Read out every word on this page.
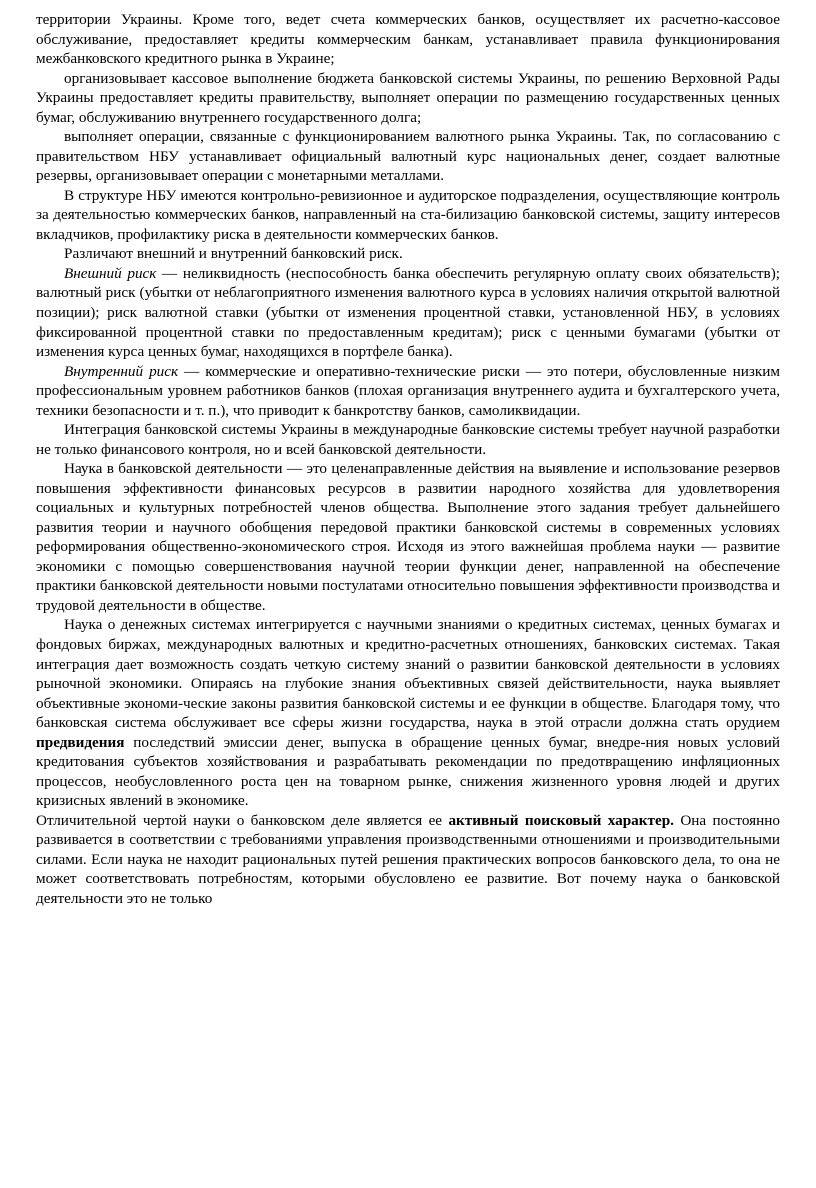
территории Украины. Кроме того, ведет счета коммерческих банков, осуществляет их расчетно-кассовое обслуживание, предоставляет кредиты коммерческим банкам, устанавливает правила функционирования межбанковского кредитного рынка в Украине;

организовывает кассовое выполнение бюджета банковской системы Украины, по решению Верховной Рады Украины предоставляет кредиты правительству, выполняет операции по размещению государственных ценных бумаг, обслуживанию внутреннего государственного долга;

выполняет операции, связанные с функционированием валютного рынка Украины. Так, по согласованию с правительством НБУ устанавливает официальный валютный курс национальных денег, создает валютные резервы, организовывает операции с монетарными металлами.

В структуре НБУ имеются контрольно-ревизионное и аудиторское подразделения, осуществляющие контроль за деятельностью коммерческих банков, направленный на ста-билизацию банковской системы, защиту интересов вкладчиков, профилактику риска в деятельности коммерческих банков.

Различают внешний и внутренний банковский риск.

Внешний риск — неликвидность (неспособность банка обеспечить регулярную оплату своих обязательств); валютный риск (убытки от неблагоприятного изменения валютного курса в условиях наличия открытой валютной позиции); риск валютной ставки (убытки от изменения процентной ставки, установленной НБУ, в условиях фиксированной процентной ставки по предоставленным кредитам); риск с ценными бумагами (убытки от изменения курса ценных бумаг, находящихся в портфеле банка).

Внутренний риск — коммерческие и оперативно-технические риски — это потери, обусловленные низким профессиональным уровнем работников банков (плохая организация внутреннего аудита и бухгалтерского учета, техники безопасности и т. п.), что приводит к банкротству банков, самоликвидации.

Интеграция банковской системы Украины в международные банковские системы требует научной разработки не только финансового контроля, но и всей банковской деятельности.

Наука в банковской деятельности — это целенаправленные действия на выявление и использование резервов повышения эффективности финансовых ресурсов в развитии народного хозяйства для удовлетворения социальных и культурных потребностей членов общества. Выполнение этого задания требует дальнейшего развития теории и научного обобщения передовой практики банковской системы в современных условиях реформирования общественно-экономического строя. Исходя из этого важнейшая проблема науки — развитие экономики с помощью совершенствования научной теории функции денег, направленной на обеспечение практики банковской деятельности новыми постулатами относительно повышения эффективности производства и трудовой деятельности в обществе.

Наука о денежных системах интегрируется с научными знаниями о кредитных системах, ценных бумагах и фондовых биржах, международных валютных и кредитно-расчетных отношениях, банковских системах. Такая интеграция дает возможность создать четкую систему знаний о развитии банковской деятельности в условиях рыночной экономики. Опираясь на глубокие знания объективных связей действительности, наука выявляет объективные экономи-ческие законы развития банковской системы и ее функции в обществе. Благодаря тому, что банковская система обслуживает все сферы жизни государства, наука в этой отрасли должна стать орудием предвидения последствий эмиссии денег, выпуска в обращение ценных бумаг, внедре-ния новых условий кредитования субъектов хозяйствования и разрабатывать рекомендации по предотвращению инфляционных процессов, необусловленного роста цен на товарном рынке, снижения жизненного уровня людей и других кризисных явлений в экономике.

Отличительной чертой науки о банковском деле является ее активный поисковый характер. Она постоянно развивается в соответствии с требованиями управления производственными отношениями и производительными силами. Если наука не находит рациональных путей решения практических вопросов банковского дела, то она не может соответствовать потребностям, которыми обусловлено ее развитие. Вот почему наука о банковской деятельности это не только
